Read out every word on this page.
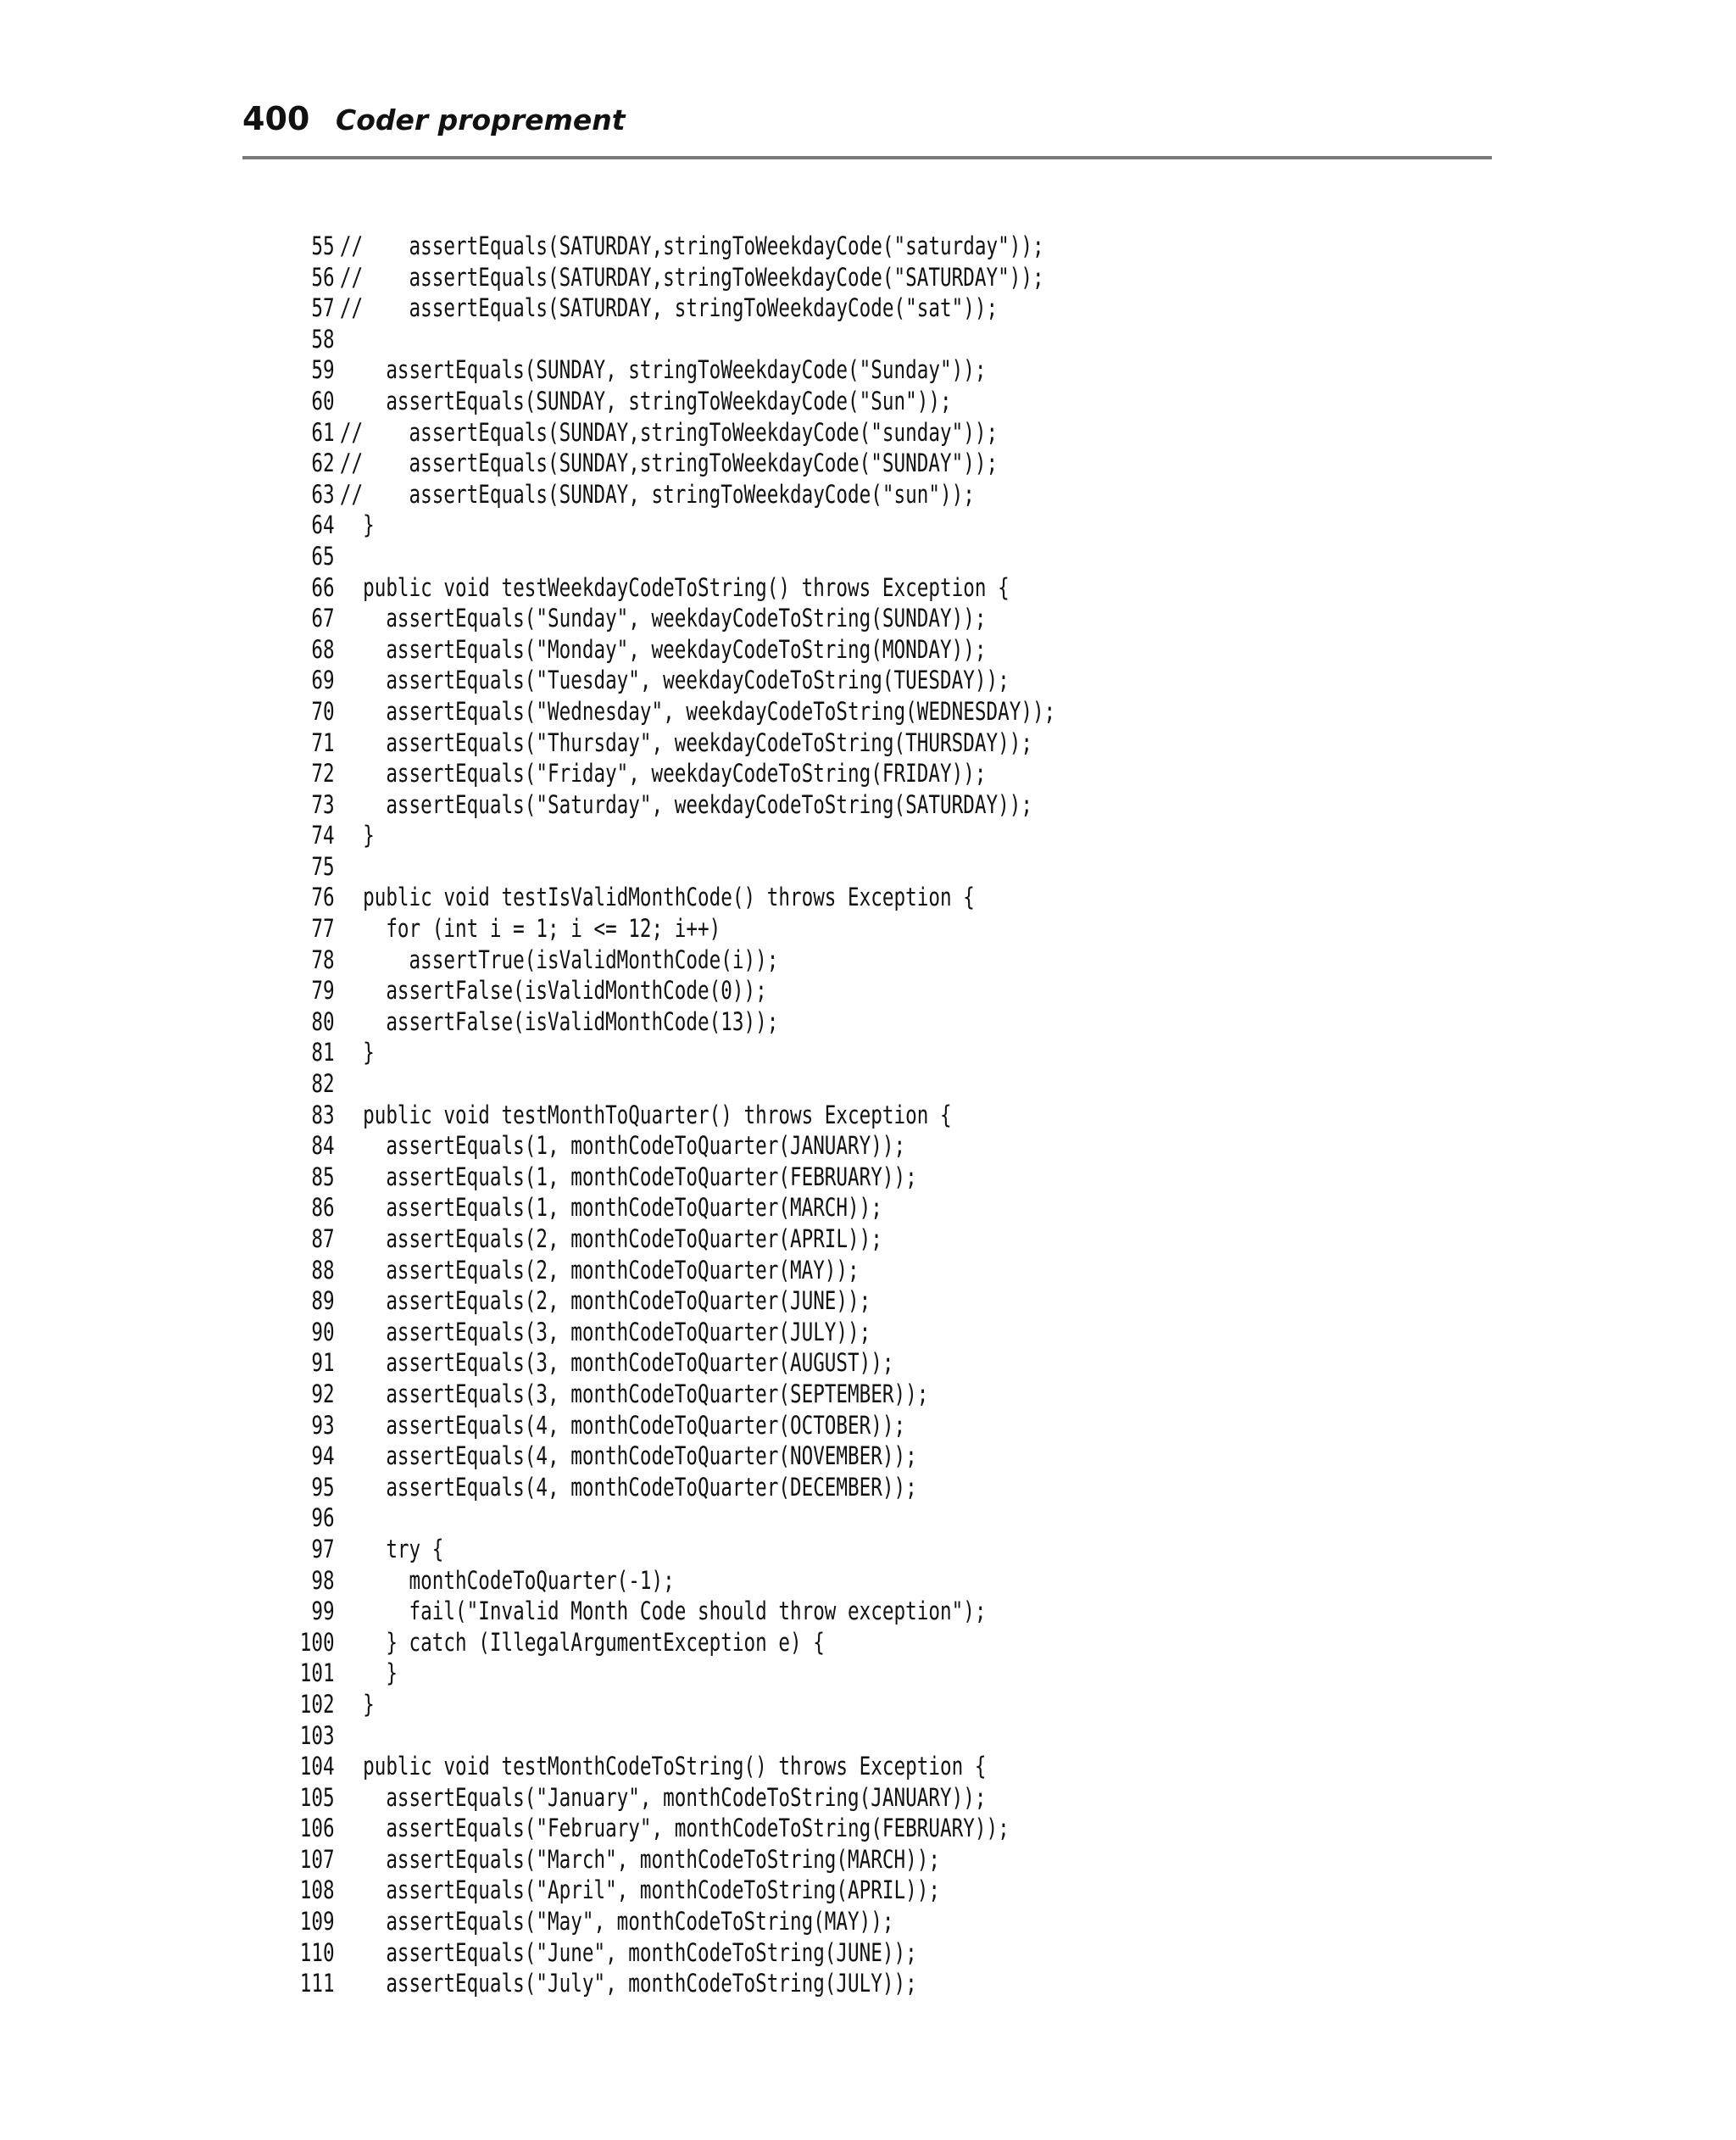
400 Coder proprement
55 //    assertEquals(SATURDAY,stringToWeekdayCode("saturday"));
56 //    assertEquals(SATURDAY,stringToWeekdayCode("SATURDAY"));
57 //    assertEquals(SATURDAY, stringToWeekdayCode("sat"));
58
59    assertEquals(SUNDAY, stringToWeekdayCode("Sunday"));
60    assertEquals(SUNDAY, stringToWeekdayCode("Sun"));
61 //    assertEquals(SUNDAY,stringToWeekdayCode("sunday"));
62 //    assertEquals(SUNDAY,stringToWeekdayCode("SUNDAY"));
63 //    assertEquals(SUNDAY, stringToWeekdayCode("sun"));
64  }
65
66  public void testWeekdayCodeToString() throws Exception {
67    assertEquals("Sunday", weekdayCodeToString(SUNDAY));
68    assertEquals("Monday", weekdayCodeToString(MONDAY));
69    assertEquals("Tuesday", weekdayCodeToString(TUESDAY));
70    assertEquals("Wednesday", weekdayCodeToString(WEDNESDAY));
71    assertEquals("Thursday", weekdayCodeToString(THURSDAY));
72    assertEquals("Friday", weekdayCodeToString(FRIDAY));
73    assertEquals("Saturday", weekdayCodeToString(SATURDAY));
74  }
75
76  public void testIsValidMonthCode() throws Exception {
77    for (int i = 1; i <= 12; i++)
78      assertTrue(isValidMonthCode(i));
79    assertFalse(isValidMonthCode(0));
80    assertFalse(isValidMonthCode(13));
81  }
82
83  public void testMonthToQuarter() throws Exception {
84    assertEquals(1, monthCodeToQuarter(JANUARY));
85    assertEquals(1, monthCodeToQuarter(FEBRUARY));
86    assertEquals(1, monthCodeToQuarter(MARCH));
87    assertEquals(2, monthCodeToQuarter(APRIL));
88    assertEquals(2, monthCodeToQuarter(MAY));
89    assertEquals(2, monthCodeToQuarter(JUNE));
90    assertEquals(3, monthCodeToQuarter(JULY));
91    assertEquals(3, monthCodeToQuarter(AUGUST));
92    assertEquals(3, monthCodeToQuarter(SEPTEMBER));
93    assertEquals(4, monthCodeToQuarter(OCTOBER));
94    assertEquals(4, monthCodeToQuarter(NOVEMBER));
95    assertEquals(4, monthCodeToQuarter(DECEMBER));
96
97    try {
98      monthCodeToQuarter(-1);
99      fail("Invalid Month Code should throw exception");
100    } catch (IllegalArgumentException e) {
101    }
102  }
103
104  public void testMonthCodeToString() throws Exception {
105    assertEquals("January", monthCodeToString(JANUARY));
106    assertEquals("February", monthCodeToString(FEBRUARY));
107    assertEquals("March", monthCodeToString(MARCH));
108    assertEquals("April", monthCodeToString(APRIL));
109    assertEquals("May", monthCodeToString(MAY));
110    assertEquals("June", monthCodeToString(JUNE));
111    assertEquals("July", monthCodeToString(JULY));
